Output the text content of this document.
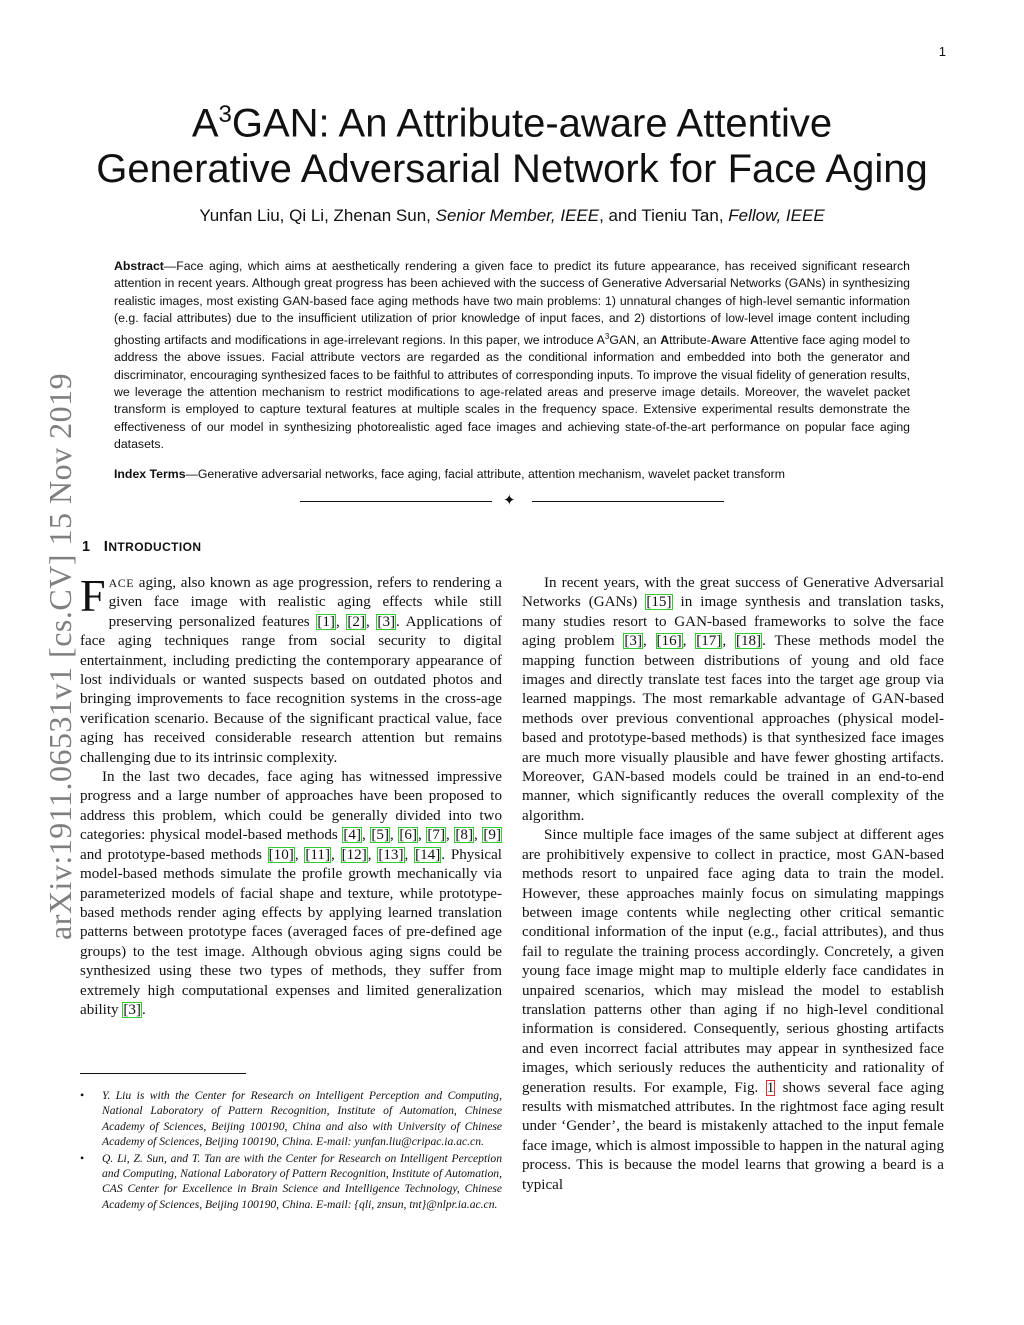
1
arXiv:1911.06531v1 [cs.CV] 15 Nov 2019
$A^3GAN$: An Attribute-aware Attentive
Generative Adversarial Network for Face Aging
Yunfan Liu, Qi Li, Zhenan Sun, Senior Member, IEEE, and Tieniu Tan, Fellow, IEEE
Abstract—Face aging, which aims at aesthetically rendering a given face to predict its future appearance, has received significant research attention in recent years. Although great progress has been achieved with the success of Generative Adversarial Networks (GANs) in synthesizing realistic images, most existing GAN-based face aging methods have two main problems: 1) unnatural changes of high-level semantic information (e.g. facial attributes) due to the insufficient utilization of prior knowledge of input faces, and 2) distortions of low-level image content including ghosting artifacts and modifications in age-irrelevant regions. In this paper, we introduce $A^3GAN$, an Attribute-Aware Attentive face aging model to address the above issues. Facial attribute vectors are regarded as the conditional information and embedded into both the generator and discriminator, encouraging synthesized faces to be faithful to attributes of corresponding inputs. To improve the visual fidelity of generation results, we leverage the attention mechanism to restrict modifications to age-related areas and preserve image details. Moreover, the wavelet packet transform is employed to capture textural features at multiple scales in the frequency space. Extensive experimental results demonstrate the effectiveness of our model in synthesizing photorealistic aged face images and achieving state-of-the-art performance on popular face aging datasets.
Index Terms—Generative adversarial networks, face aging, facial attribute, attention mechanism, wavelet packet transform
✦
1 INTRODUCTION

FACE aging, also known as age progression, refers to rendering a given face image with realistic aging effects while still preserving personalized features [1], [2], [3]. Applications of face aging techniques range from social security to digital entertainment, including predicting the contemporary appearance of lost individuals or wanted suspects based on outdated photos and bringing improvements to face recognition systems in the cross-age verification scenario. Because of the significant practical value, face aging has received considerable research attention but remains challenging due to its intrinsic complexity.

In the last two decades, face aging has witnessed impressive progress and a large number of approaches have been proposed to address this problem, which could be generally divided into two categories: physical model-based methods [4], [5], [6], [7], [8], [9] and prototype-based methods [10], [11], [12], [13], [14]. Physical model-based methods simulate the profile growth mechanically via parameterized models of facial shape and texture, while prototype-based methods render aging effects by applying learned translation patterns between prototype faces (averaged faces of pre-defined age groups) to the test image. Although obvious aging signs could be synthesized using these two types of methods, they suffer from extremely high computational expenses and limited generalization ability [3].

• Y. Liu is with the Center for Research on Intelligent Perception and Computing, National Laboratory of Pattern Recognition, Institute of Automation, Chinese Academy of Sciences, Beijing 100190, China and also with University of Chinese Academy of Sciences, Beijing 100190, China. E-mail: yunfan.liu@cripac.ia.ac.cn.
• Q. Li, Z. Sun, and T. Tan are with the Center for Research on Intelligent Perception and Computing, National Laboratory of Pattern Recognition, Institute of Automation, CAS Center for Excellence in Brain Science and Intelligence Technology, Chinese Academy of Sciences, Beijing 100190, China. E-mail: {qli, znsun, tnt}@nlpr.ia.ac.cn.

In recent years, with the great success of Generative Adversarial Networks (GANs) [15] in image synthesis and translation tasks, many studies resort to GAN-based frameworks to solve the face aging problem [3], [16], [17], [18]. These methods model the mapping function between distributions of young and old face images and directly translate test faces into the target age group via learned mappings. The most remarkable advantage of GAN-based methods over previous conventional approaches (physical model-based and prototype-based methods) is that synthesized face images are much more visually plausible and have fewer ghosting artifacts. Moreover, GAN-based models could be trained in an end-to-end manner, which significantly reduces the overall complexity of the algorithm.

Since multiple face images of the same subject at different ages are prohibitively expensive to collect in practice, most GAN-based methods resort to unpaired face aging data to train the model. However, these approaches mainly focus on simulating mappings between image contents while neglecting other critical semantic conditional information of the input (e.g., facial attributes), and thus fail to regulate the training process accordingly. Concretely, a given young face image might map to multiple elderly face candidates in unpaired scenarios, which may mislead the model to establish translation patterns other than aging if no high-level conditional information is considered. Consequently, serious ghosting artifacts and even incorrect facial attributes may appear in synthesized face images, which seriously reduces the authenticity and rationality of generation results. For example, Fig. 1 shows several face aging results with mismatched attributes. In the rightmost face aging result under ‘Gender’, the beard is mistakenly attached to the input female face image, which is almost impossible to happen in the natural aging process. This is because the model learns that growing a beard is a typical
